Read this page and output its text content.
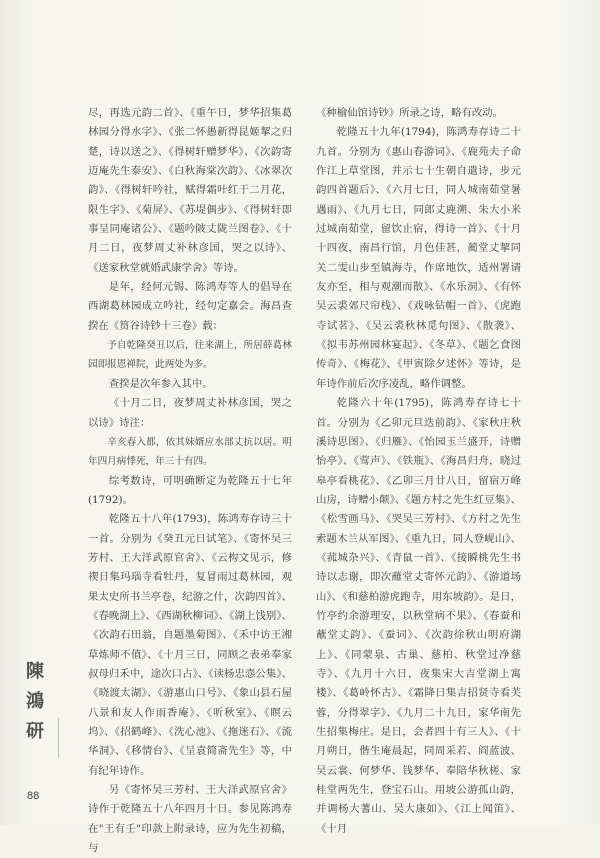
尽，再选元韵二首》、《重午日，梦华招集葛林园分得水字》、《张二怀愚新得昆姬挈之归楚，诗以送之》、《得树轩赠梦华》、《次韵寄迈庵先生泰安》、《白秋海棠次韵》、《冰翠次韵》、《得树轩吟社，赋得霜叶红于二月花，限生字》、《菊屏》、《苏堤偶步》、《得树轩即事呈同庵诸公》、《题吟陂丈陇兰图卷》、《十月二日，夜梦周丈补林彦国，哭之以诗》、《送家秋堂就婚武康学舍》等诗。

是年，经何元锡、陈鸿寿等人的倡导在西湖葛林园成立吟社，经句定嘉会。海昌查揆在《筼谷诗钞十三卷》载：

予自乾隆癸丑以后，往来湖上，所居薛葛林园即报恩禅院，此两处为多。

查揆是次年参入其中。

《十月二日，夜梦周丈补林彦国，哭之以诗》诗注：

辛亥春入都，依其妹婿应水部丈抗以居。明年四月病悸死，年三十有四。

综考数诗，可明确断定为乾隆五十七年(1792)。

乾隆五十八年(1793)，陈鸿寿存诗三十一首。分别为《癸丑元日试笔》、《寄怀吴三芳村、王大洋武原官舍》、《云构文见示，修禊日集玛瑙寺看牡丹，复冒雨过葛林园，观果太史所书兰亭卷，纪游之什，次韵四首》、《春晚湖上》、《西湖秋柳词》、《湖上饯别》、《次韵石田翁，自题墨菊图》、《禾中访王湘草炼师不值》、《十月三日，同顾之表弟奉家叔母归禾中，途次口占》、《读杨忠悫公集》、《晓渡太湖》、《游惠山口号》、《象山县石屋八景和友人作雨香庵》、《听秋室》、《瞑云坞》、《招鹤峰》、《洗心池》、《拖迷石》、《流华洞》、《移情台》、《呈袁简斋先生》等，中有纪年诗作。

另《寄怀吴三芳村、王大洋武原官舍》诗作于乾隆五十八年四月十日。参见陈鸿寿在"王有壬"印款上附录诗，应为先生初稿，与

《种榆仙馆诗钞》所录之诗，略有改动。

乾隆五十九年(1794)，陈鸿寿存诗二十九首。分别为《惠山春游词》、《鹿苑夫子命作江上草堂图，并示七十生朝自遣诗，步元韵四首题后》、《六月七日，同人城南茹堂暑遇雨》、《九月七日，同郎丈鹿溯、朱大小米过城南茹堂，留饮止宿，得诗一首》、《十月十四夜，南昌行馆，月色佳甚，蔺堂丈挈同关二雯山步至镇海寺，作席地饮，适州署请友亦至，相与观潮而散》、《水乐洞》、《有怀吴云裘郊尺帘栈》、《戏咏钻帽一首》、《虎跑寺试茗》、《吴云裘秋林觅句图》、《散袭》、《拟韦苏州园林宴起》、《冬草》、《题乞食图传奇》、《梅花》、《甲寅除夕述怀》等诗，是年诗作前后次序凌乱，略作调整。

乾隆六十年(1795)，陈鸿寿存诗七十首。分别为《乙卯元旦迭前韵》、《家秋庄秋溪诗思图》、《归雁》、《怡园玉兰盛开，诗赠怡亭》、《莺声》、《铁瓶》、《海昌归舟，晓过皋亭看桃花》、《乙卯三月廿八日，留宿万峰山房，诗赠小颠》、《题方村之先生红豆集》、《松雪画马》、《哭吴三芳村》、《方村之先生索题木兰从军图》、《重九日，同人登岘山》、《菰城杂兴》、《青鼠一首》、《接瞬桃先生书诗以志谢，即次蘸堂丈寄怀元韵》、《游道场山》、《和慈柏游虎跑寺，用东坡韵》。是日，竹亭约余游理安，以秋堂病不果》、《春蚕和蘸堂丈韵》、《蚕词》、《次韵徐秋山明府湖上》、《同蒙泉、古巢、慈柏、秋堂过净慈寺》、《九月十六日，夜集宋大吉堂湖上寓楼》、《葛岭怀古》、《霜降日集吉招贤寺看芙蓉，分得翠字》、《九月二十九日，家华南先生招集梅庄。是日，会者四十有三人》、《十月朔日，偕生庵晨起，同周采若、阎蓝波、吴云裳、何梦华、钱梦华、奉陪华秋槎、家桂堂两先生，登宝石山。用坡公游孤山韵，并调杨大蓍山、吴大康如》、《江上闻笛》、《十月

陳
鴻
研
88
